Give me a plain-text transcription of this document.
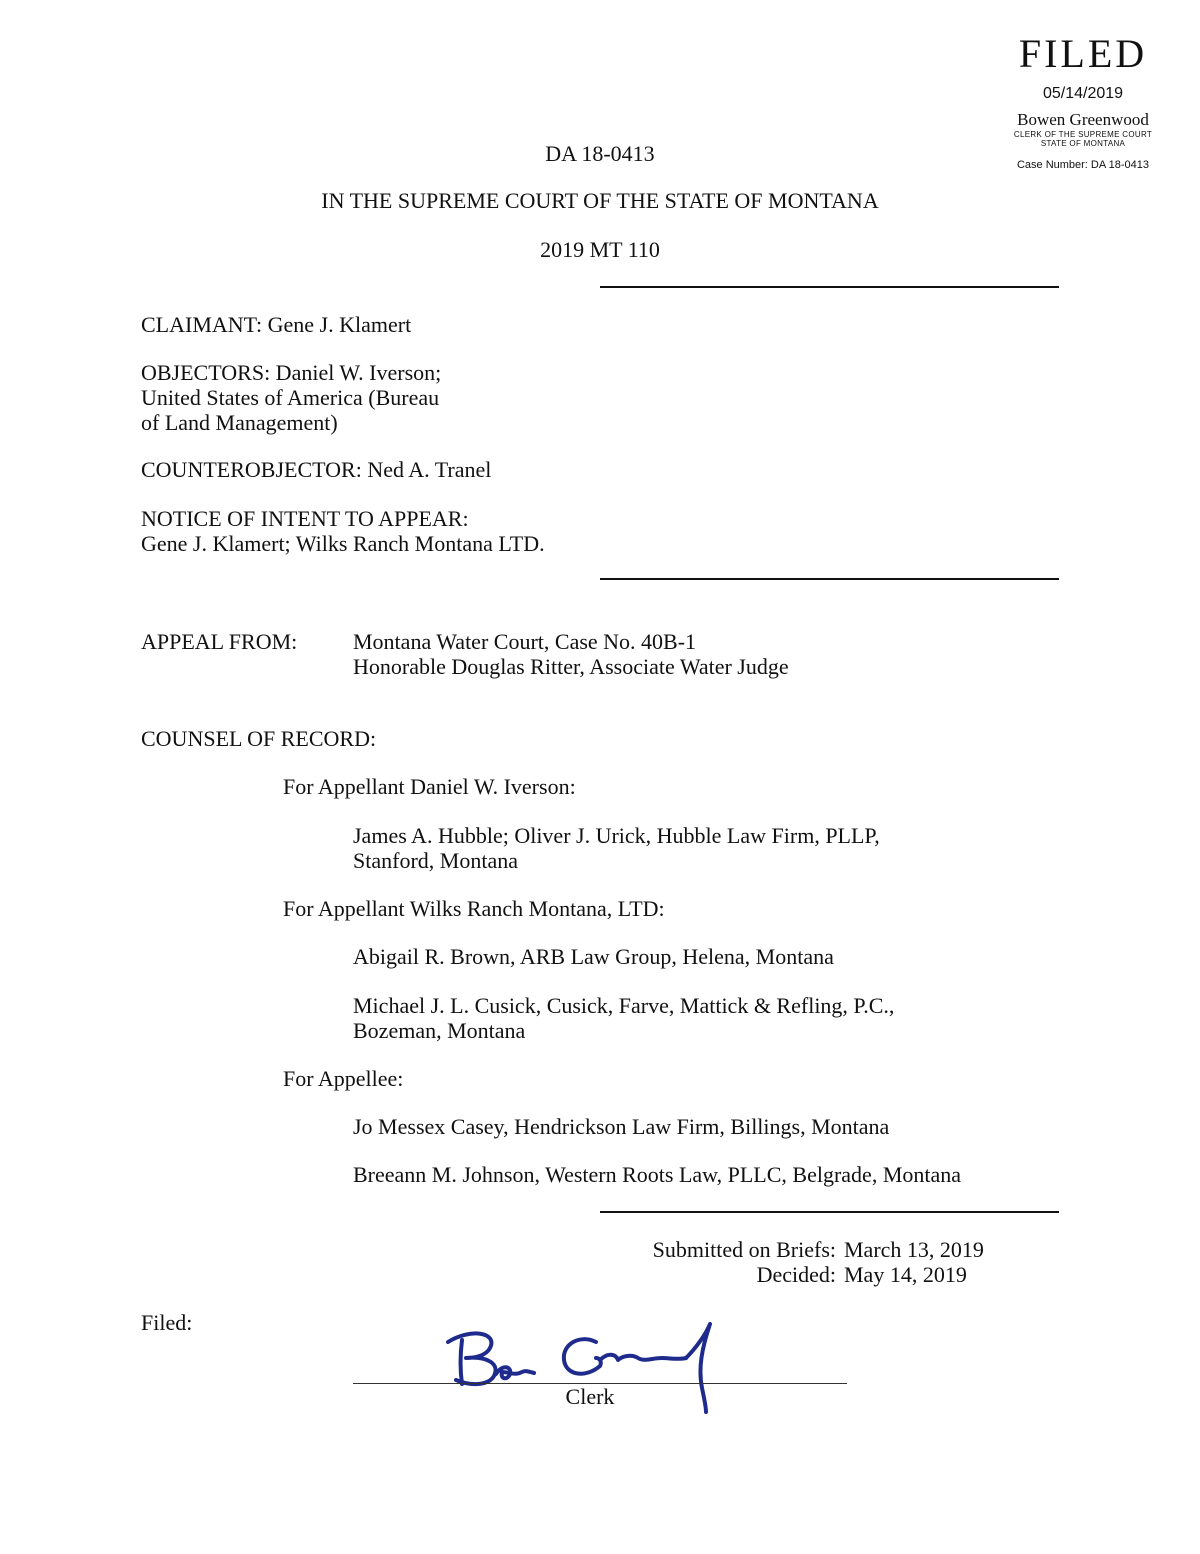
FILED
05/14/2019
Bowen Greenwood
CLERK OF THE SUPREME COURT
STATE OF MONTANA
Case Number: DA 18-0413
DA 18-0413
IN THE SUPREME COURT OF THE STATE OF MONTANA
2019 MT 110
CLAIMANT: Gene J. Klamert
OBJECTORS: Daniel W. Iverson;
United States of America (Bureau
of Land Management)
COUNTEROBJECTOR: Ned A. Tranel
NOTICE OF INTENT TO APPEAR:
Gene J. Klamert; Wilks Ranch Montana LTD.
APPEAL FROM:	Montana Water Court, Case No. 40B-1
Honorable Douglas Ritter, Associate Water Judge
COUNSEL OF RECORD:
For Appellant Daniel W. Iverson:
James A. Hubble; Oliver J. Urick, Hubble Law Firm, PLLP,
Stanford, Montana
For Appellant Wilks Ranch Montana, LTD:
Abigail R. Brown, ARB Law Group, Helena, Montana
Michael J. L. Cusick, Cusick, Farve, Mattick & Refling, P.C.,
Bozeman, Montana
For Appellee:
Jo Messex Casey, Hendrickson Law Firm, Billings, Montana
Breeann M. Johnson, Western Roots Law, PLLC, Belgrade, Montana
Submitted on Briefs:
Decided:
March 13, 2019
May 14, 2019
Filed:
Clerk
